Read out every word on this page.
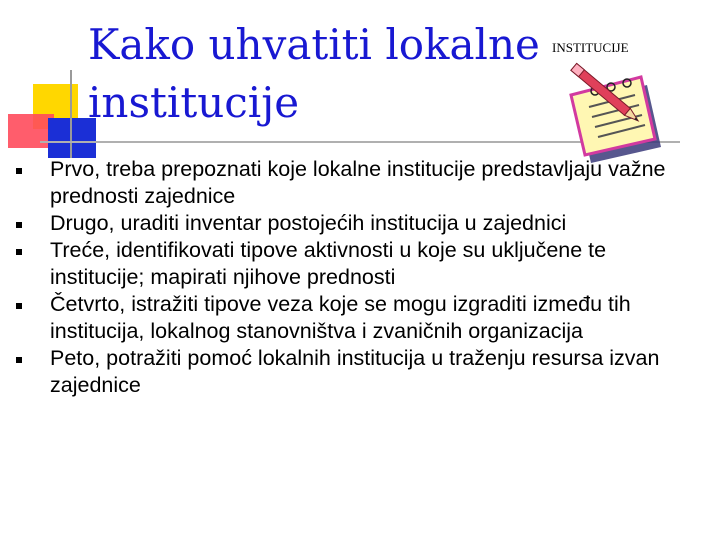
Kako uhvatiti lokalne
institucije
INSTITUCIJE
Prvo, treba prepoznati koje lokalne institucije predstavljaju važne prednosti zajednice
Drugo, uraditi inventar postojećih institucija u zajednici
Treće, identifikovati tipove aktivnosti u koje su uključene te institucije; mapirati njihove prednosti
Četvrto, istražiti tipove veza koje se mogu izgraditi između tih institucija, lokalnog stanovništva i zvaničnih organizacija
Peto, potražiti pomoć lokalnih institucija u traženju resursa izvan zajednice
